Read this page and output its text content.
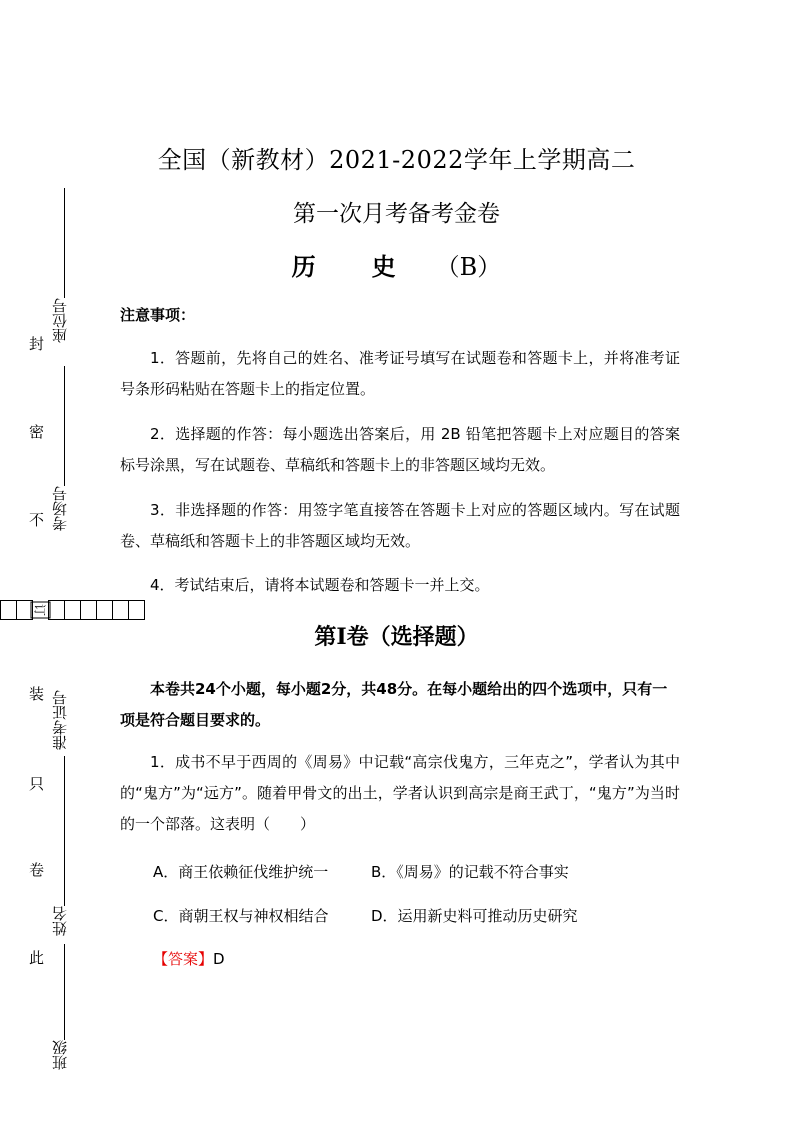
座位号
封
密
考场号
不
订
装 准考证号
只
卷
姓名
此
班级
全国（新教材）2021-2022学年上学期高二
第一次月考备考金卷
历 史 （B）
注意事项：
1．答题前，先将自己的姓名、准考证号填写在试题卷和答题卡上，并将准考证号条形码粘贴在答题卡上的指定位置。
2．选择题的作答：每小题选出答案后，用 2B 铅笔把答题卡上对应题目的答案标号涂黑，写在试题卷、草稿纸和答题卡上的非答题区域均无效。
3．非选择题的作答：用签字笔直接答在答题卡上对应的答题区域内。写在试题卷、草稿纸和答题卡上的非答题区域均无效。
4．考试结束后，请将本试题卷和答题卡一并上交。
第Ⅰ卷（选择题）
本卷共24个小题，每小题2分，共48分。在每小题给出的四个选项中，只有一项是符合题目要求的。
1．成书不早于西周的《周易》中记载“高宗伐鬼方，三年克之”，学者认为其中的“鬼方”为“远方”。随着甲骨文的出土，学者认识到高宗是商王武丁，“鬼方”为当时的一个部落。这表明（　　）
A．商王依赖征伐维护统一	B．《周易》的记载不符合事实
C．商朝王权与神权相结合	D．运用新史料可推动历史研究
【答案】D
